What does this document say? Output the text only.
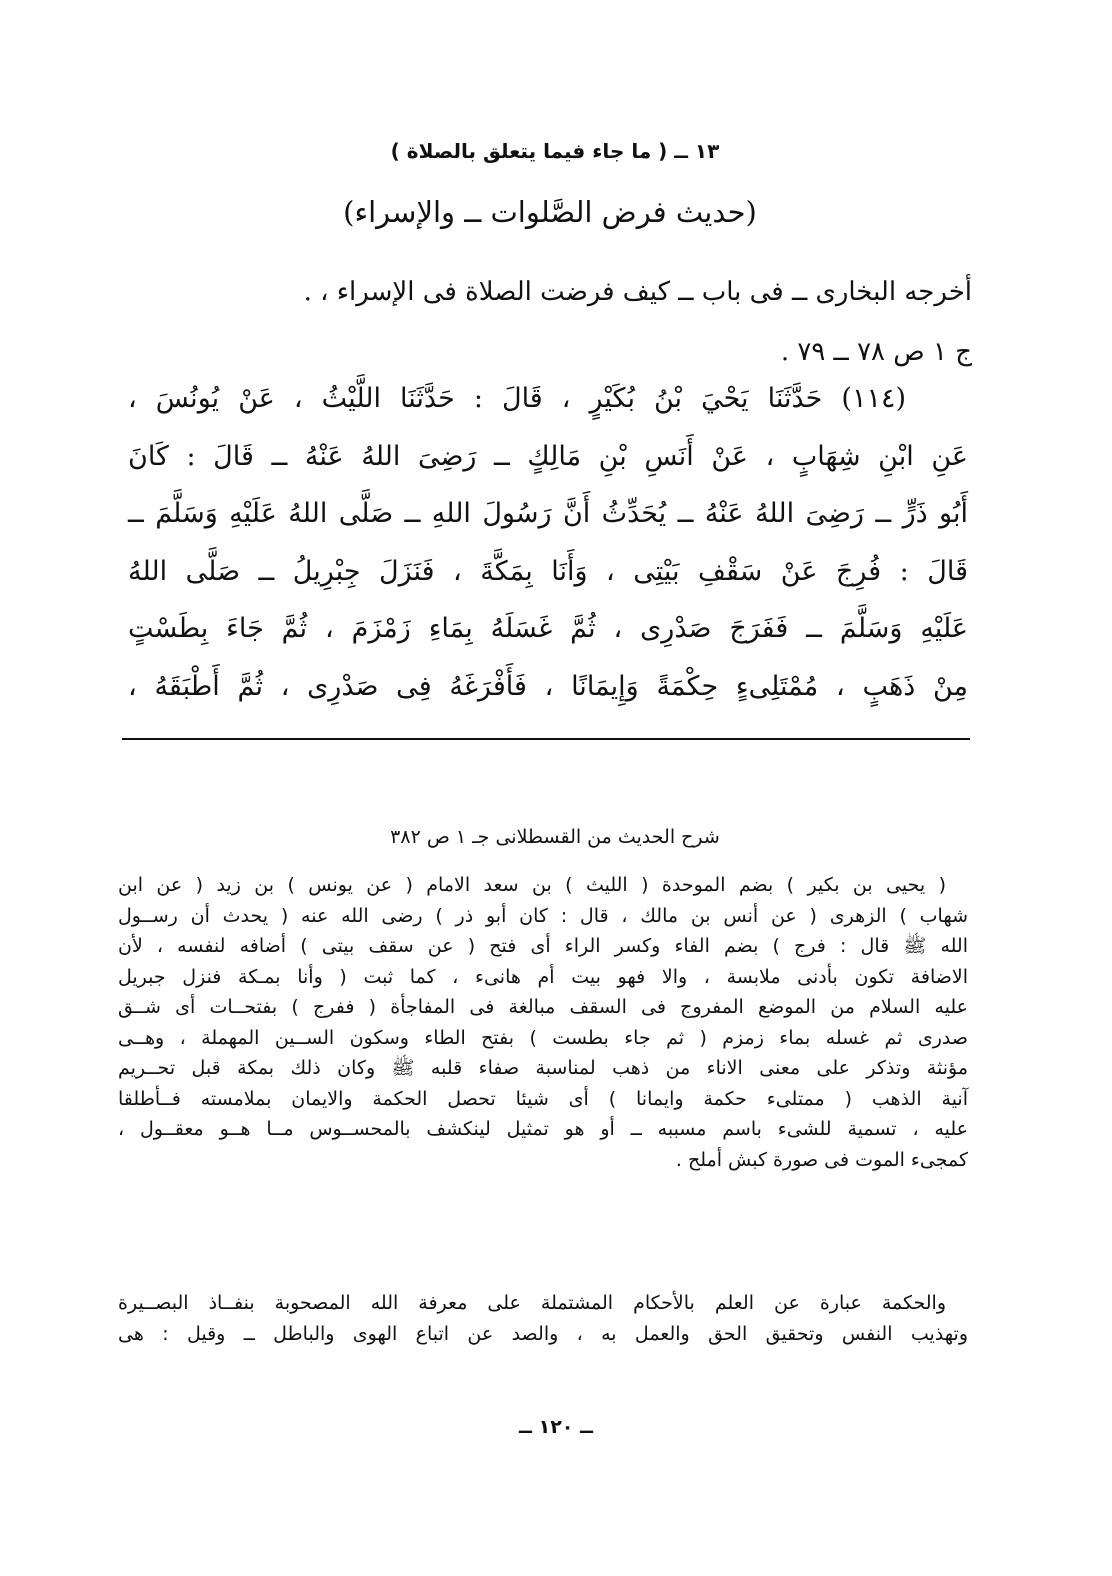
١٣ ــ ( ما جاء فيما يتعلق بالصلاة )
(حديث فرض الصَّلوات ــ والإسراء)
أخرجه البخارى ــ فى باب ــ كيف فرضت الصلاة فى الإسراء ، .
ج ١ ص ٧٨ ــ ٧٩ .
(١١٤) حَدَّثَنَا يَحْيَ بْنُ بُكَيْرٍ ، قَالَ : حَدَّثَنَا اللَّيْثُ ، عَنْ يُونُسَ ،
عَنِ ابْنِ شِهَابٍ ، عَنْ أَنَسِ بْنِ مَالِكٍ ــ رَضِىَ اللهُ عَنْهُ ــ قَالَ : كَانَ
أَبُو ذَرٍّ ــ رَضِىَ اللهُ عَنْهُ ــ يُحَدِّثُ أَنَّ رَسُولَ اللهِ ــ صَلَّى اللهُ عَلَيْهِ وَسَلَّمَ ــ
قَالَ : فُرِجَ عَنْ سَقْفِ بَيْتِى ، وَأَنَا بِمَكَّةَ ، فَنَزَلَ جِبْرِيلُ ــ صَلَّى اللهُ
عَلَيْهِ وَسَلَّمَ ــ فَفَرَجَ صَدْرِى ، ثُمَّ غَسَلَهُ بِمَاءِ زَمْزَمَ ، ثُمَّ جَاءَ بِطَسْتٍ
مِنْ ذَهَبٍ ، مُمْتَلِىءٍ حِكْمَةً وَإِيمَانًا ، فَأَفْرَغَهُ فِى صَدْرِى ، ثُمَّ أَطْبَقَهُ ،
شرح الحديث من القسطلانى جـ ١ ص ٣٨٢
( يحيى بن بكير ) بضم الموحدة ( الليث ) بن سعد الامام ( عن يونس ) بن زيد ( عن ابن
شهاب ) الزهرى ( عن أنس بن مالك ، قال : كان أبو ذر ) رضى الله عنه ( يحدث أن رســول
الله ﷺ قال : فرج ) بضم الفاء وكسر الراء أى فتح ( عن سقف بيتى ) أضافه لنفسه ، لأن
الاضافة تكون بأدنى ملابسة ، والا فهو بيت أم هانىء ، كما ثبت ( وأنا بمـكة فنزل جبريل
عليه السلام من الموضع المفروج فى السقف مبالغة فى المفاجأة ( ففرج ) بفتحــات أى شــق
صدرى ثم غسله بماء زمزم ( ثم جاء بطست ) بفتح الطاء وسكون الســين المهملة ، وهــى
مؤنثة وتذكر على معنى الاناء من ذهب لمناسبة صفاء قلبه ﷺ وكان ذلك بمكة قبل تحــريم
آنية الذهب ( ممتلىء حكمة وايمانا ) أى شيئا تحصل الحكمة والايمان بملامسته فــأطلقا
عليه ، تسمية للشىء باسم مسببه ــ أو هو تمثيل لينكشف بالمحســوس مــا هــو معقــول ،
كمجىء الموت فى صورة كبش أملح .
والحكمة عبارة عن العلم بالأحكام المشتملة على معرفة الله المصحوبة بنفــاذ البصــيرة
وتهذيب النفس وتحقيق الحق والعمل به ، والصد عن اتباع الهوى والباطل ــ وقيل : هى
ــ ١٢٠ ــ
